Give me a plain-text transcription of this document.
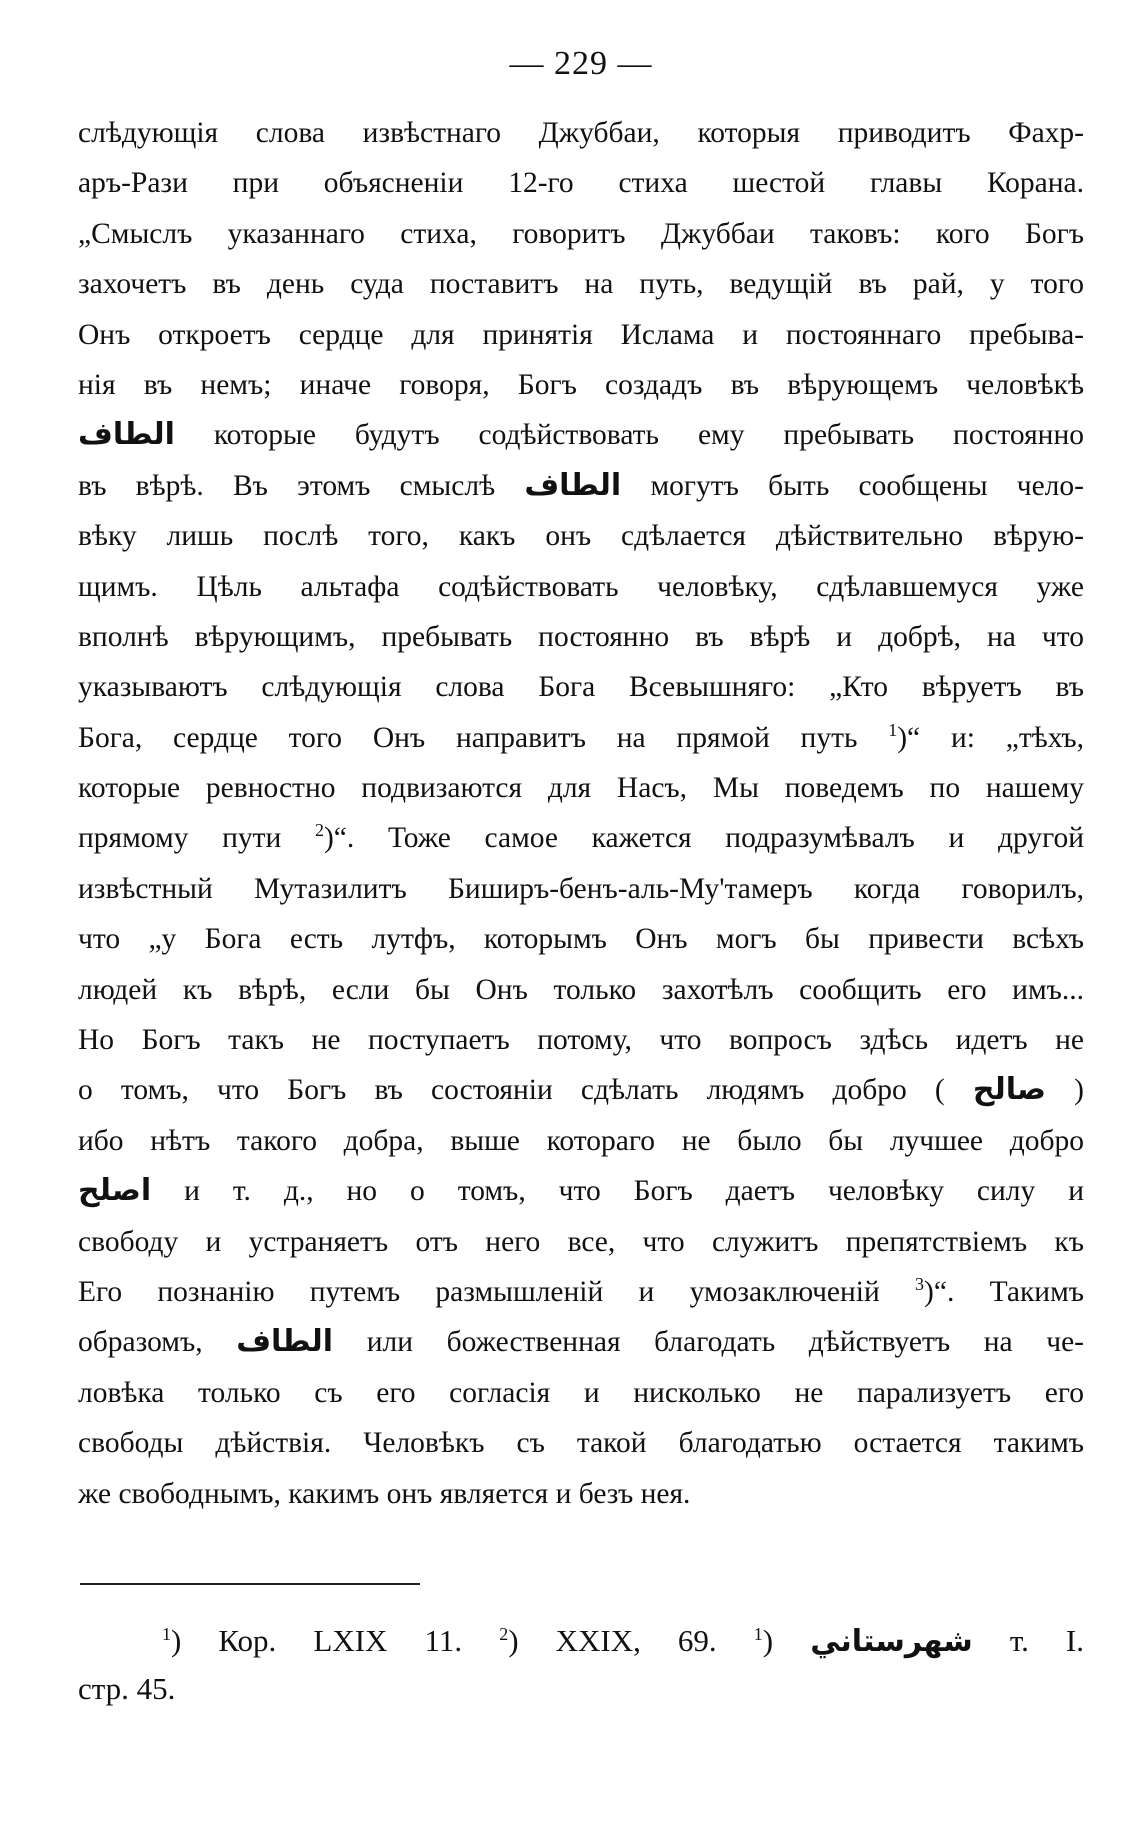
— 229 —
слѣдующія слова извѣстнаго Джуббаи, которыя приводитъ Фахр-
аръ-Рази при объясненіи 12-го стиха шестой главы Корана.
„Смыслъ указаннаго стиха, говоритъ Джуббаи таковъ: кого Богъ
захочетъ въ день суда поставитъ на путь, ведущій въ рай, у того
Онъ откроетъ сердце для принятія Ислама и постояннаго пребыва-
нія въ немъ; иначе говоря, Богъ создадъ въ вѣрующемъ человѣкѣ
الطاف которые будутъ содѣйствовать ему пребывать постоянно
въ вѣрѣ. Въ этомъ смыслѣ الطاف могутъ быть сообщены чело-
вѣку лишь послѣ того, какъ онъ сдѣлается дѣйствительно вѣрую-
щимъ. Цѣль альтафа содѣйствовать человѣку, сдѣлавшемуся уже
вполнѣ вѣрующимъ, пребывать постоянно въ вѣрѣ и добрѣ, на что
указываютъ слѣдующія слова Бога Всевышняго: „Кто вѣруетъ въ
Бога, сердце того Онъ направитъ на прямой путь $^1$)“ и: „тѣхъ,
которые ревностно подвизаются для Насъ, Мы поведемъ по нашему
прямому пути $^2$)“. Тоже самое кажется подразумѣвалъ и другой
извѣстный Мутазилитъ Биширъ-бенъ-аль-Му'тамеръ когда говорилъ,
что „у Бога есть лутфъ, которымъ Онъ могъ бы привести всѣхъ
людей къ вѣрѣ, если бы Онъ только захотѣлъ сообщить его имъ...
Но Богъ такъ не поступаетъ потому, что вопросъ здѣсь идетъ не
о томъ, что Богъ въ состояніи сдѣлать людямъ добро ( صالح )
ибо нѣтъ такого добра, выше котораго не было бы лучшее добро
اصلح и т. д., но о томъ, что Богъ даетъ человѣку силу и
свободу и устраняетъ отъ него все, что служитъ препятствіемъ къ
Его познанію путемъ размышленій и умозаключеній $^3$)“. Такимъ
образомъ, الطاف или божественная благодать дѣйствуетъ на че-
ловѣка только съ его согласія и нисколько не парализуетъ его
свободы дѣйствія. Человѣкъ съ такой благодатью остается такимъ
же свободнымъ, какимъ онъ является и безъ нея.
$^1$) Кор. LXIX 11. $^2$) XXIX, 69. $^1$) شهرستاني т. I.
стр. 45.
